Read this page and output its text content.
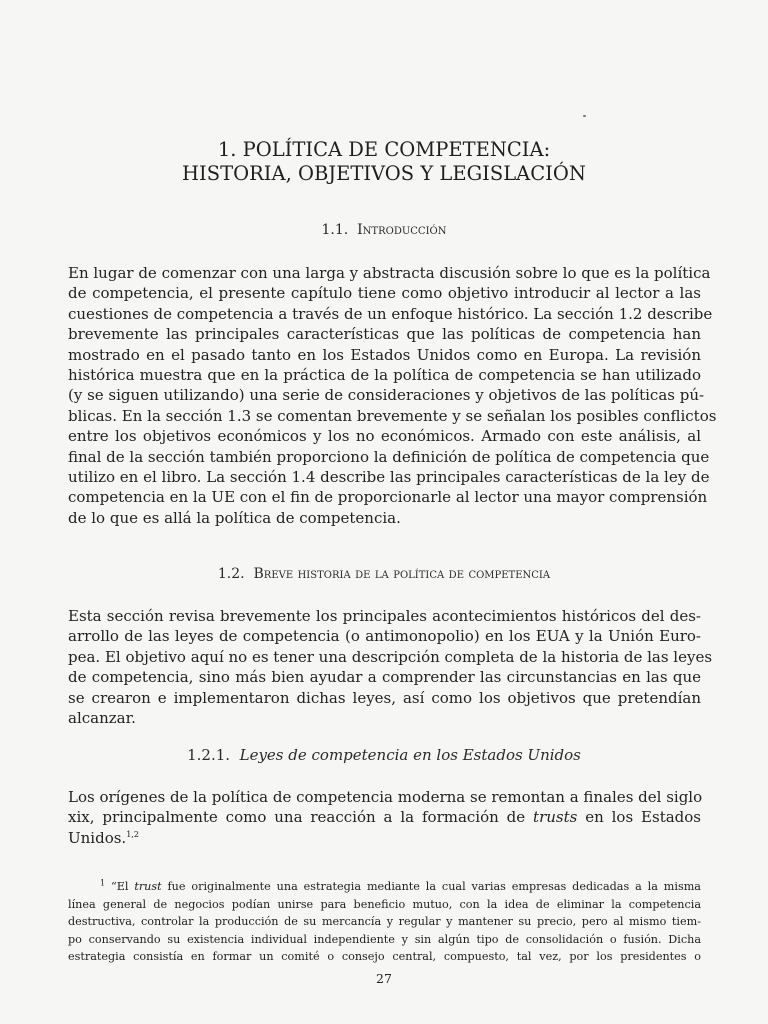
1. POLÍTICA DE COMPETENCIA:
HISTORIA, OBJETIVOS Y LEGISLACIÓN
1.1. Introducción
En lugar de comenzar con una larga y abstracta discusión sobre lo que es la política
de competencia, el presente capítulo tiene como objetivo introducir al lector a las
cuestiones de competencia a través de un enfoque histórico. La sección 1.2 describe
brevemente las principales características que las políticas de competencia han
mostrado en el pasado tanto en los Estados Unidos como en Europa. La revisión
histórica muestra que en la práctica de la política de competencia se han utilizado
(y se siguen utilizando) una serie de consideraciones y objetivos de las políticas pú-
blicas. En la sección 1.3 se comentan brevemente y se señalan los posibles conflictos
entre los objetivos económicos y los no económicos. Armado con este análisis, al
final de la sección también proporciono la definición de política de competencia que
utilizo en el libro. La sección 1.4 describe las principales características de la ley de
competencia en la UE con el fin de proporcionarle al lector una mayor comprensión
de lo que es allá la política de competencia.
1.2. Breve historia de la política de competencia
Esta sección revisa brevemente los principales acontecimientos históricos del des-
arrollo de las leyes de competencia (o antimonopolio) en los EUA y la Unión Euro-
pea. El objetivo aquí no es tener una descripción completa de la historia de las leyes
de competencia, sino más bien ayudar a comprender las circunstancias en las que
se crearon e implementaron dichas leyes, así como los objetivos que pretendían
alcanzar.
1.2.1. Leyes de competencia en los Estados Unidos
Los orígenes de la política de competencia moderna se remontan a finales del siglo
xix, principalmente como una reacción a la formación de trusts en los Estados
Unidos.$^{1,2}$
$^1$ “El trust fue originalmente una estrategia mediante la cual varias empresas dedicadas a la misma
línea general de negocios podían unirse para beneficio mutuo, con la idea de eliminar la competencia
destructiva, controlar la producción de su mercancía y regular y mantener su precio, pero al mismo tiem-
po conservando su existencia individual independiente y sin algún tipo de consolidación o fusión. Dicha
estrategia consistía en formar un comité o consejo central, compuesto, tal vez, por los presidentes o
27
